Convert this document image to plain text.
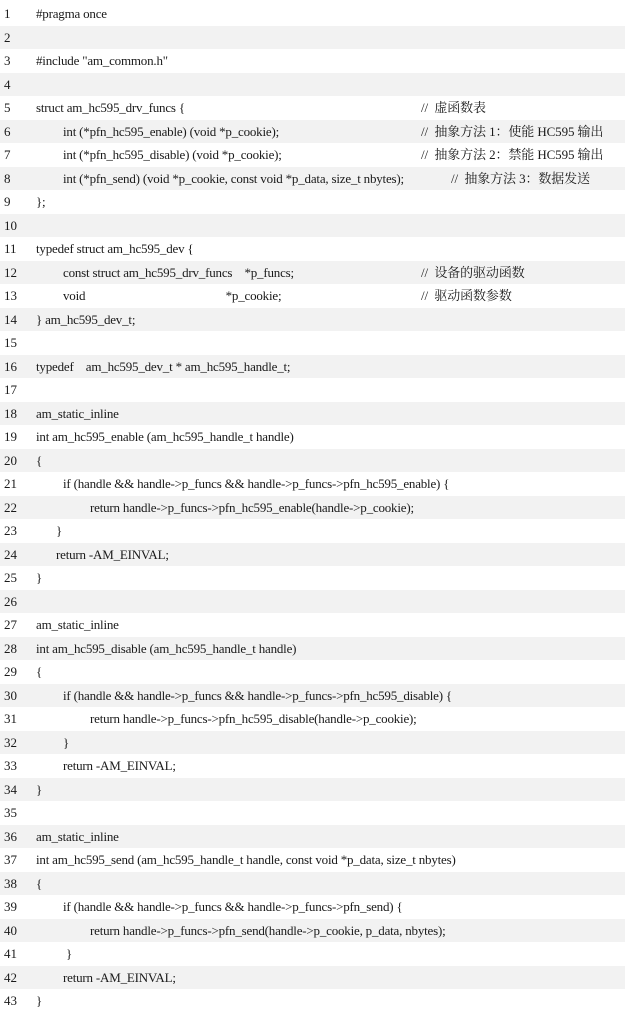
1	#pragma once
2
3	#include "am_common.h"
4
5	struct am_hc595_drv_funcs {	//  虚函数表
6	int (*pfn_hc595_enable) (void *p_cookie);	//  抽象方法 1：使能 HC595 输出
7	int (*pfn_hc595_disable) (void *p_cookie);	//  抽象方法 2：禁能 HC595 输出
8	int (*pfn_send) (void *p_cookie, const void *p_data, size_t nbytes);	//  抽象方法 3：数据发送
9	};
10
11	typedef struct am_hc595_dev {
12	const struct am_hc595_drv_funcs    *p_funcs;	//  设备的驱动函数
13	void                                              *p_cookie;	//  驱动函数参数
14	} am_hc595_dev_t;
15
16	typedef    am_hc595_dev_t * am_hc595_handle_t;
17
18	am_static_inline
19	int am_hc595_enable (am_hc595_handle_t handle)
20	{
21	if (handle && handle->p_funcs && handle->p_funcs->pfn_hc595_enable) {
22	return handle->p_funcs->pfn_hc595_enable(handle->p_cookie);
23	}
24	return -AM_EINVAL;
25	}
26
27	am_static_inline
28	int am_hc595_disable (am_hc595_handle_t handle)
29	{
30	if (handle && handle->p_funcs && handle->p_funcs->pfn_hc595_disable) {
31	return handle->p_funcs->pfn_hc595_disable(handle->p_cookie);
32	}
33	return -AM_EINVAL;
34	}
35
36	am_static_inline
37	int am_hc595_send (am_hc595_handle_t handle, const void *p_data, size_t nbytes)
38	{
39	if (handle && handle->p_funcs && handle->p_funcs->pfn_send) {
40	return handle->p_funcs->pfn_send(handle->p_cookie, p_data, nbytes);
41	}
42	return -AM_EINVAL;
43	}
